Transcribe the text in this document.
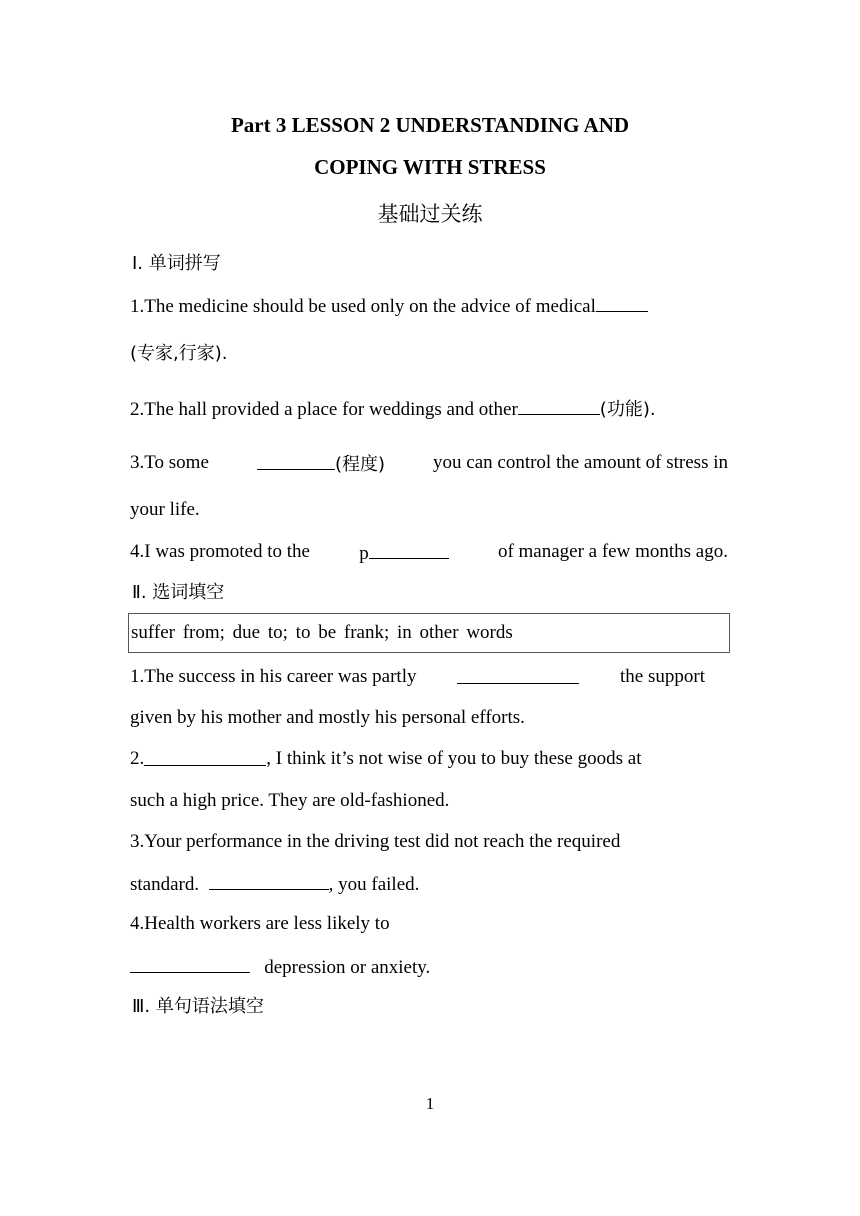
Part 3 LESSON 2 UNDERSTANDING AND
COPING WITH STRESS
基础过关练
Ⅰ. 单词拼写
1.The medicine should be used only on the advice of medical
(专家,行家).
2.The hall provided a place for weddings and other	(功能).
3.To some	(程度)	you can control the amount of stress in
your life.
4.I was promoted to the	p	of manager a few months ago.
Ⅱ. 选词填空
suffer from; due to; to be frank; in other words
1.The success in his career was partly	the support
given by his mother and mostly his personal efforts.
2.	, I think it’s not wise of you to buy these goods at
such a high price. They are old-fashioned.
3.Your performance in the driving test did not reach the required
standard.	, you failed.
4.Health workers are less likely to
depression or anxiety.
Ⅲ. 单句语法填空
1
